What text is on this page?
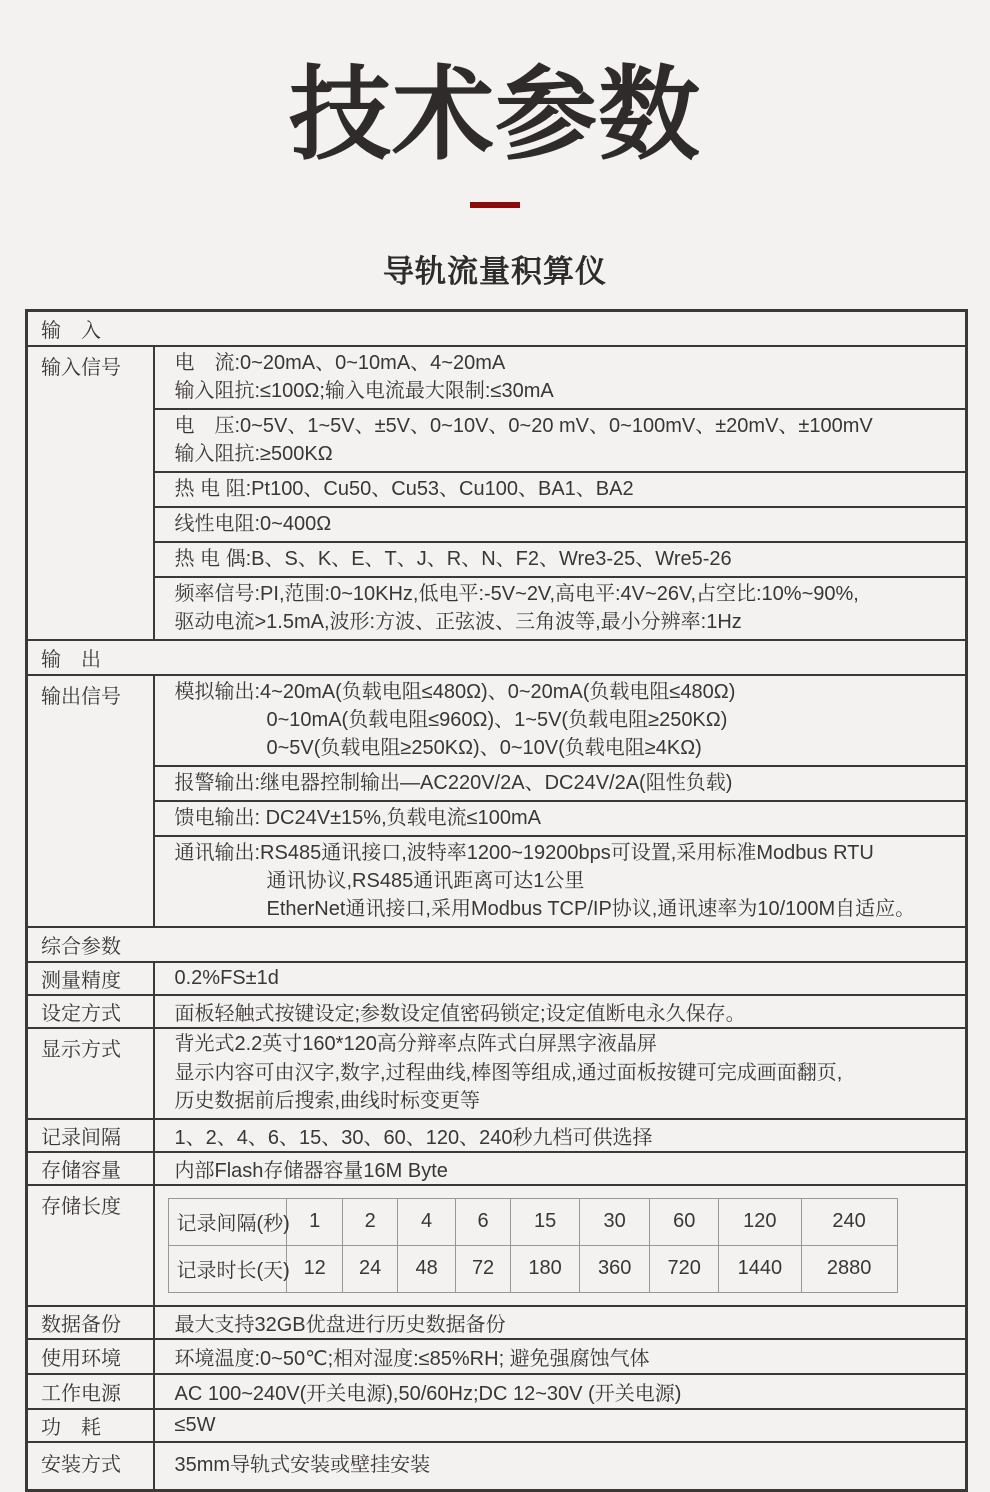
技术参数
导轨流量积算仪
输　入
输入信号	电　流:0~20mA、0~10mA、4~20mA
输入阻抗:≤100Ω;输入电流最大限制:≤30mA
电　压:0~5V、1~5V、±5V、0~10V、0~20 mV、0~100mV、±20mV、±100mV
输入阻抗:≥500KΩ
热 电 阻:Pt100、Cu50、Cu53、Cu100、BA1、BA2
线性电阻:0~400Ω
热 电 偶:B、S、K、E、T、J、R、N、F2、Wre3-25、Wre5-26
频率信号:PI,范围:0~10KHz,低电平:-5V~2V,高电平:4V~26V,占空比:10%~90%,
驱动电流>1.5mA,波形:方波、正弦波、三角波等,最小分辨率:1Hz

输　出
输出信号	模拟输出:4~20mA(负载电阻≤480Ω)、0~20mA(负载电阻≤480Ω)
0~10mA(负载电阻≤960Ω)、1~5V(负载电阻≥250KΩ)
0~5V(负载电阻≥250KΩ)、0~10V(负载电阻≥4KΩ)
报警输出:继电器控制输出—AC220V/2A、DC24V/2A(阻性负载)
馈电输出: DC24V±15%,负载电流≤100mA
通讯输出:RS485通讯接口,波特率1200~19200bps可设置,采用标准Modbus RTU
通讯协议,RS485通讯距离可达1公里
EtherNet通讯接口,采用Modbus TCP/IP协议,通讯速率为10/100M自适应。

综合参数
测量精度	0.2%FS±1d
设定方式	面板轻触式按键设定;参数设定值密码锁定;设定值断电永久保存。
显示方式	背光式2.2英寸160*120高分辩率点阵式白屏黑字液晶屏
显示内容可由汉字,数字,过程曲线,棒图等组成,通过面板按键可完成画面翻页,
历史数据前后搜索,曲线时标变更等

记录间隔	1、2、4、6、15、30、60、120、240秒九档可供选择
存储容量	内部Flash存储器容量16M Byte
存储长度	
记录间隔(秒)	1	2	4	6	15	30	60	120	240
记录时长(天)	12	24	48	72	180	360	720	1440	2880

数据备份	最大支持32GB优盘进行历史数据备份
使用环境	环境温度:0~50℃;相对湿度:≤85%RH; 避免强腐蚀气体
工作电源	AC 100~240V(开关电源),50/60Hz;DC 12~30V (开关电源)
功　耗	≤5W
安装方式	35mm导轨式安装或壁挂安装
